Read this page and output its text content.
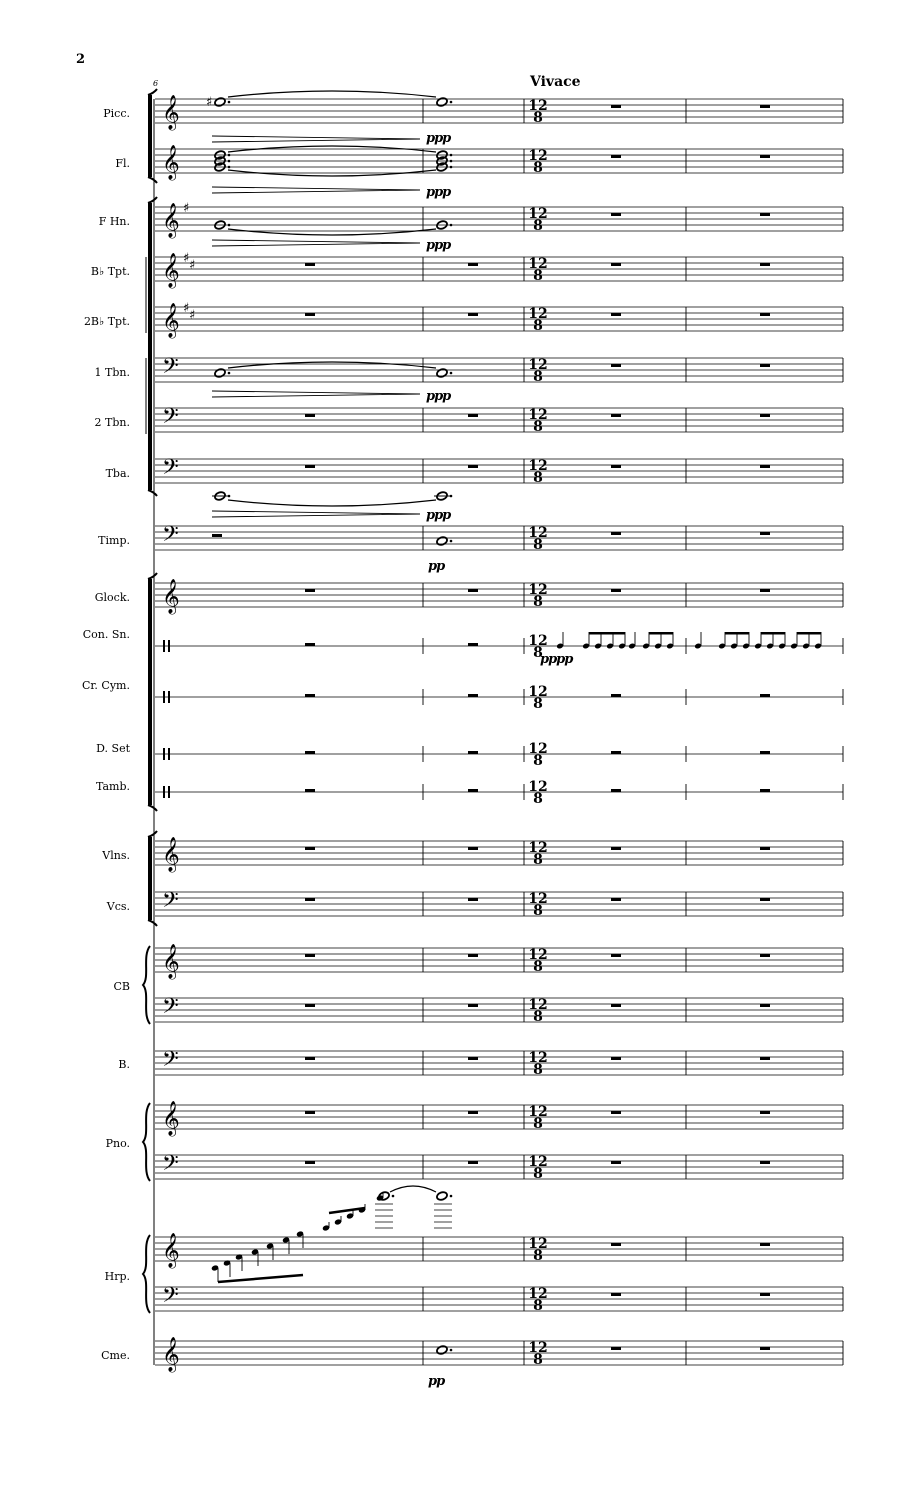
2
Vivace
6
Picc.
Fl.
F Hn.
B♭ Tpt.
2B♭ Tpt.
1 Tbn.
2 Tbn.
Tba.
Timp.
Glock.
Con. Sn.
Cr. Cym.
D. Set
Tamb.
Vlns.
Vcs.
CB
B.
Pno.
Hrp.
Cme.
ppp
ppp
ppp
ppp
ppp
pp
pppp
pp
𝄞
𝄞
𝄞
𝄞
𝄞
𝄢
𝄢
𝄢
𝄢
𝄞
𝄞
𝄢
𝄞
𝄢
𝄢
𝄞
𝄢
𝄞
𝄢
𝄞
♯
♯ ♯
♯ ♯
♯	12
8
12
8
12
8
12
8
12
8
12
8
12
8
12
8
12
8
12
8
12
8
12
8
12
8
12
8
12
8
12
8
12
8
12
8
12
8
12
8
12
8
12
8
12
8
12
8
